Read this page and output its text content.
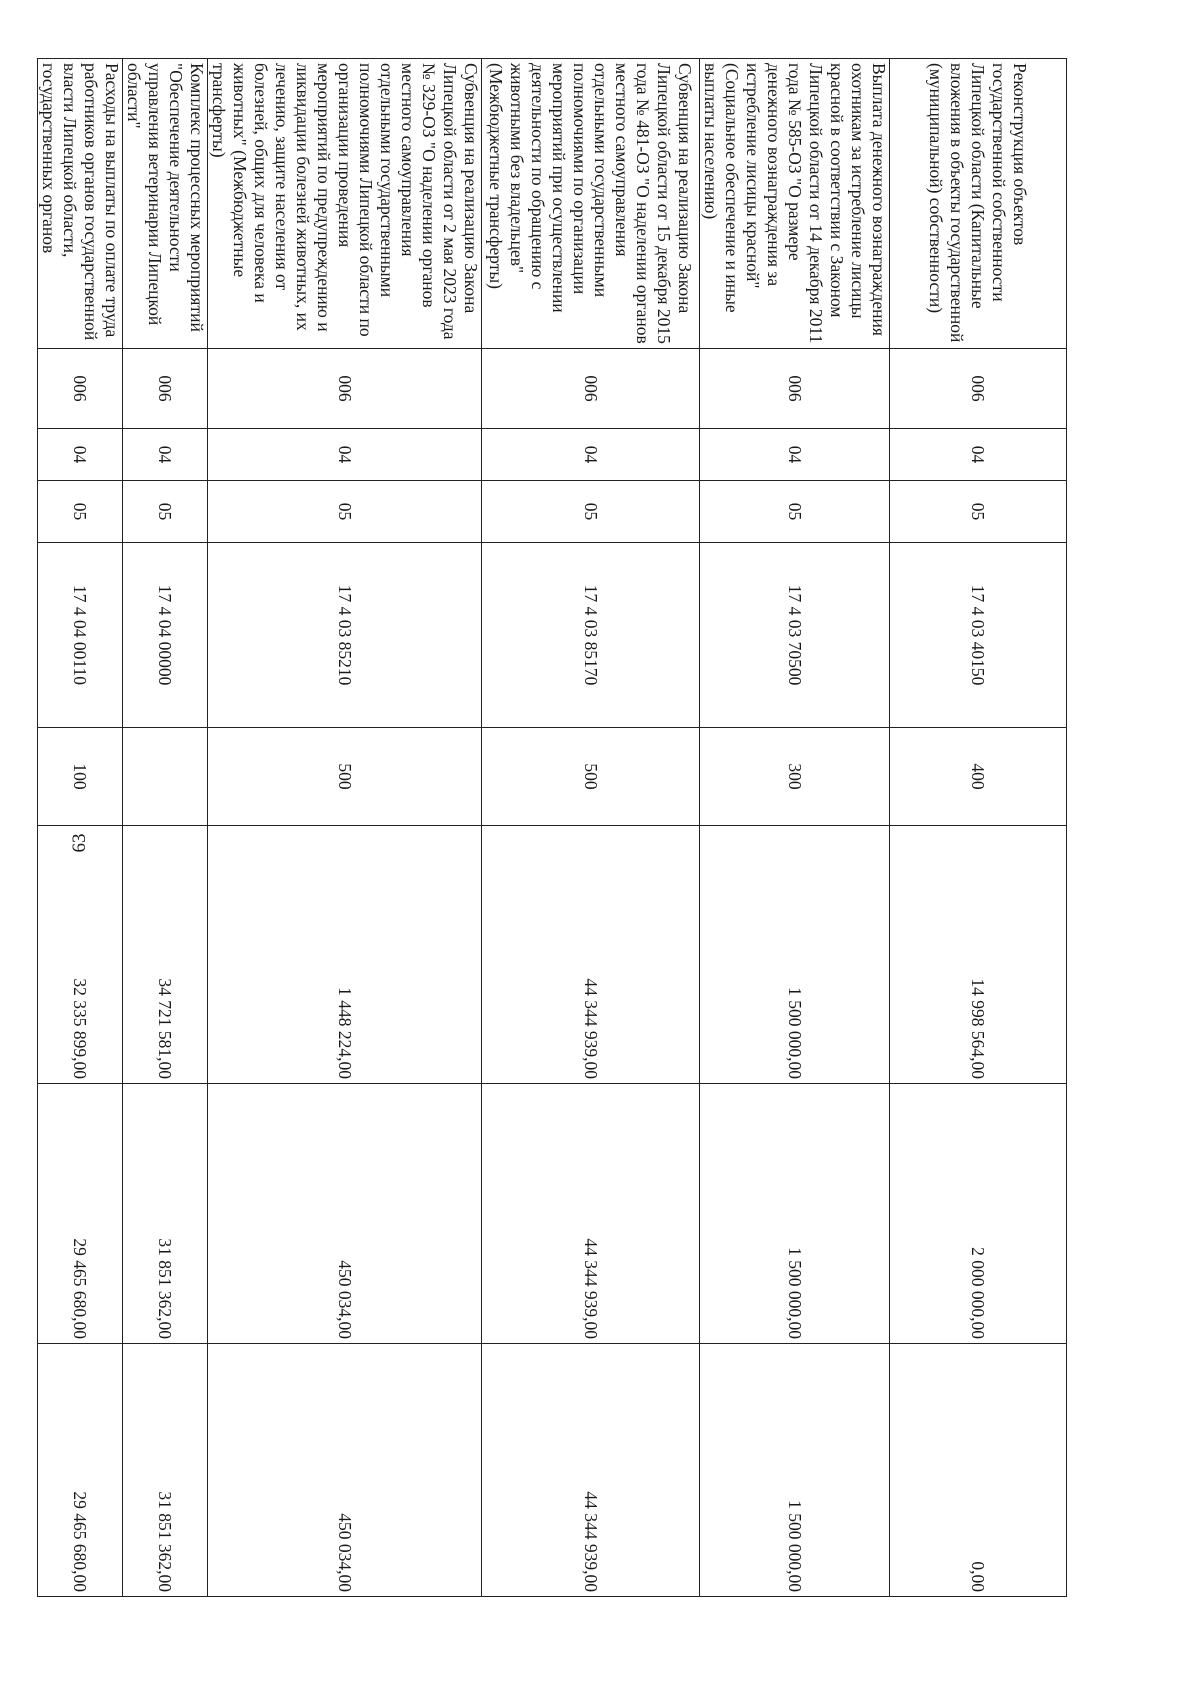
63
Реконструкция объектов государственной собственности Липецкой области (Капитальные вложения в объекты государственной (муниципальной) собственности)	006	04	05	17 4 03 40150	400	14 998 564,00	2 000 000,00	0,00
Выплата денежного вознаграждения охотникам за истребление лисицы красной в соответствии с Законом Липецкой области от 14 декабря 2011 года № 585-ОЗ "О размере денежного вознаграждения за истребление лисицы красной" (Социальное обеспечение и иные выплаты населению)	006	04	05	17 4 03 70500	300	1 500 000,00	1 500 000,00	1 500 000,00
Субвенция на реализацию Закона Липецкой области от 15 декабря 2015 года № 481-ОЗ "О наделении органов местного самоуправления отдельными государственными полномочиями по организации мероприятий при осуществлении деятельности по обращению с животными без владельцев" (Межбюджетные трансферты)	006	04	05	17 4 03 85170	500	44 344 939,00	44 344 939,00	44 344 939,00
Субвенция на реализацию Закона Липецкой области от 2 мая 2023 года № 329-ОЗ "О наделении органов местного самоуправления отдельными государственными полномочиями Липецкой области по организации проведения мероприятий по предупреждению и ликвидации болезней животных, их лечению, защите населения от болезней, общих для человека и животных" (Межбюджетные трансферты)	006	04	05	17 4 03 85210	500	1 448 224,00	450 034,00	450 034,00
Комплекс процессных мероприятий "Обеспечение деятельности управления ветеринарии Липецкой области"	006	04	05	17 4 04 00000		34 721 581,00	31 851 362,00	31 851 362,00
Расходы на выплаты по оплате труда работников органов государственной власти Липецкой области, государственных органов	006	04	05	17 4 04 00110	100	32 335 899,00	29 465 680,00	29 465 680,00
